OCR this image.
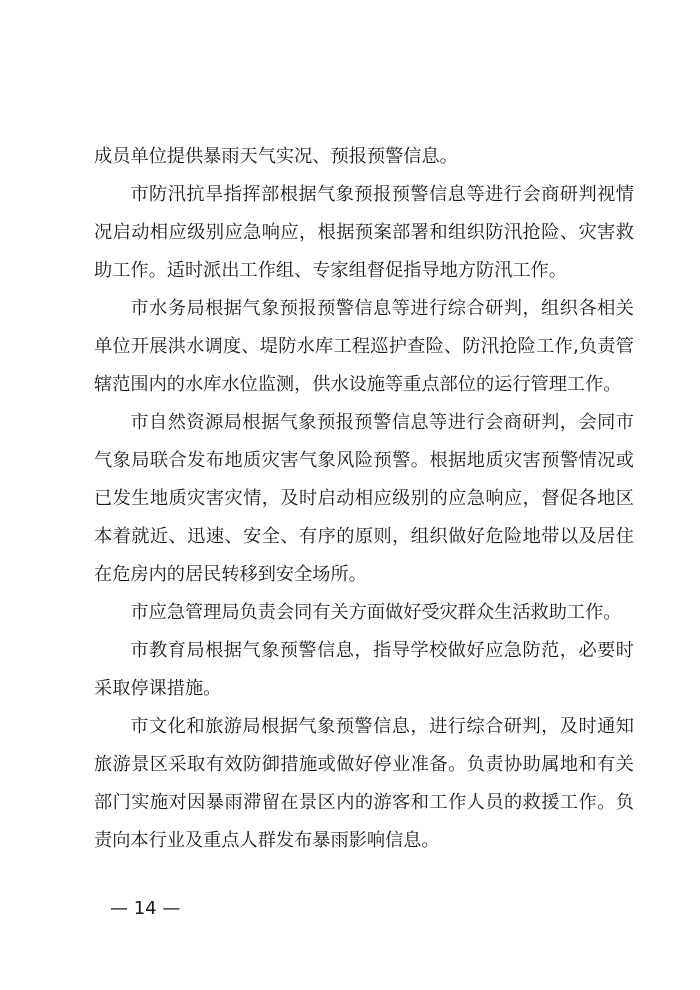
成员单位提供暴雨天气实况、预报预警信息。

市防汛抗旱指挥部根据气象预报预警信息等进行会商研判视情况启动相应级别应急响应，根据预案部署和组织防汛抢险、灾害救助工作。适时派出工作组、专家组督促指导地方防汛工作。

市水务局根据气象预报预警信息等进行综合研判，组织各相关单位开展洪水调度、堤防水库工程巡护查险、防汛抢险工作,负责管辖范围内的水库水位监测，供水设施等重点部位的运行管理工作。

市自然资源局根据气象预报预警信息等进行会商研判，会同市气象局联合发布地质灾害气象风险预警。根据地质灾害预警情况或已发生地质灾害灾情，及时启动相应级别的应急响应，督促各地区本着就近、迅速、安全、有序的原则，组织做好危险地带以及居住在危房内的居民转移到安全场所。

市应急管理局负责会同有关方面做好受灾群众生活救助工作。

市教育局根据气象预警信息，指导学校做好应急防范，必要时采取停课措施。

市文化和旅游局根据气象预警信息，进行综合研判，及时通知旅游景区采取有效防御措施或做好停业准备。负责协助属地和有关部门实施对因暴雨滞留在景区内的游客和工作人员的救援工作。负责向本行业及重点人群发布暴雨影响信息。

— 14 —
